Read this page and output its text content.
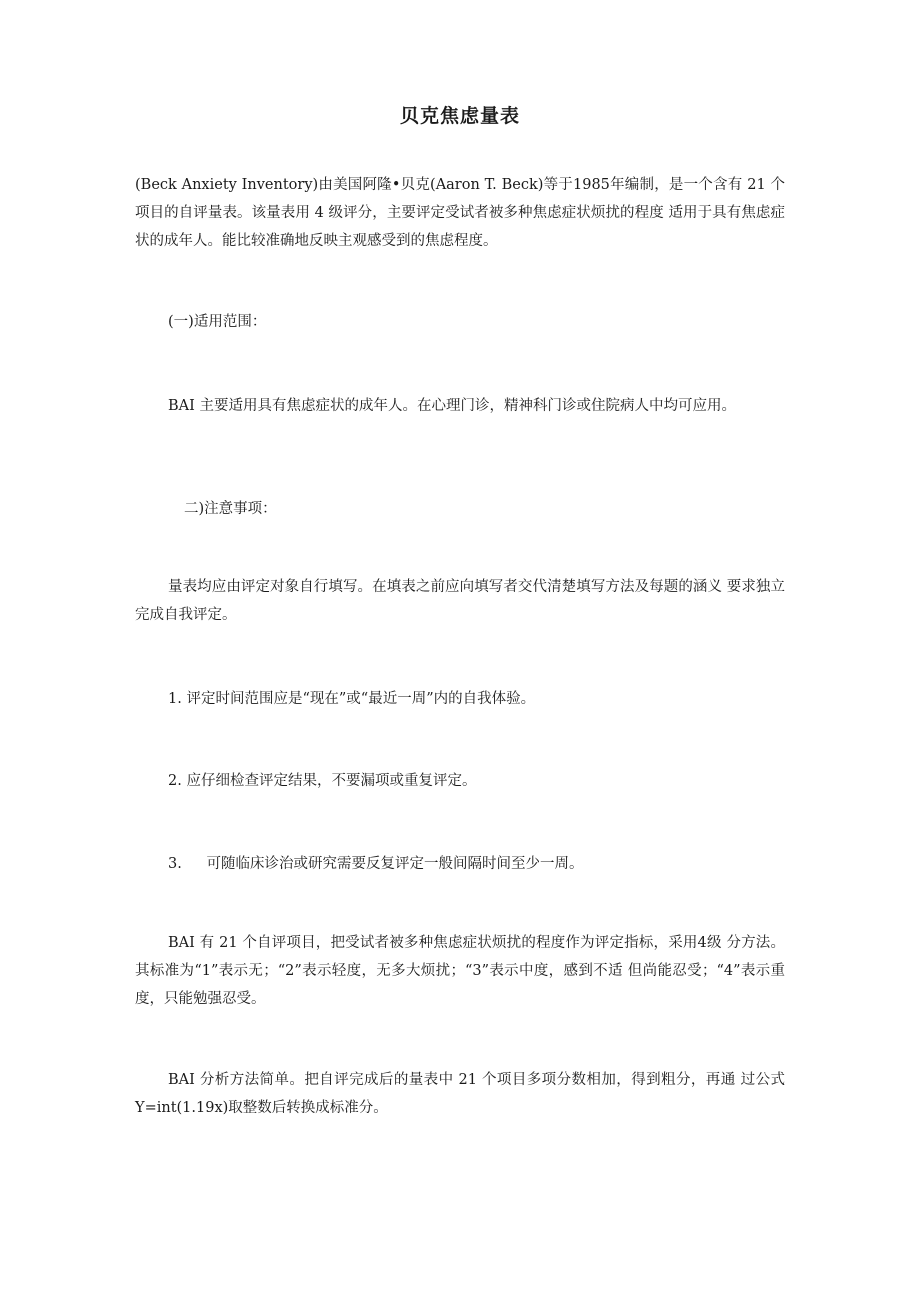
贝克焦虑量表

(Beck Anxiety Inventory)由美国阿隆•贝克(Aaron T. Beck)等于1985年编制，是一个含有 21 个项目的自评量表。该量表用 4 级评分，主要评定受试者被多种焦虑症状烦扰的程度 适用于具有焦虑症状的成年人。能比较准确地反映主观感受到的焦虑程度。

(一)适用范围：

BAI 主要适用具有焦虑症状的成年人。在心理门诊，精神科门诊或住院病人中均可应用。

二)注意事项：

量表均应由评定对象自行填写。在填表之前应向填写者交代清楚填写方法及每题的涵义 要求独立完成自我评定。

1. 评定时间范围应是“现在”或“最近一周”内的自我体验。

2. 应仔细检查评定结果，不要漏项或重复评定。

3. 可随临床诊治或研究需要反复评定一般间隔时间至少一周。

BAI 有 21 个自评项目，把受试者被多种焦虑症状烦扰的程度作为评定指标，采用4级 分方法。其标准为“1”表示无；“2”表示轻度，无多大烦扰；“3”表示中度，感到不适 但尚能忍受；“4”表示重度，只能勉强忍受。

BAI 分析方法简单。把自评完成后的量表中 21 个项目多项分数相加，得到粗分，再通 过公式Y=int(1.19x)取整数后转换成标准分。
